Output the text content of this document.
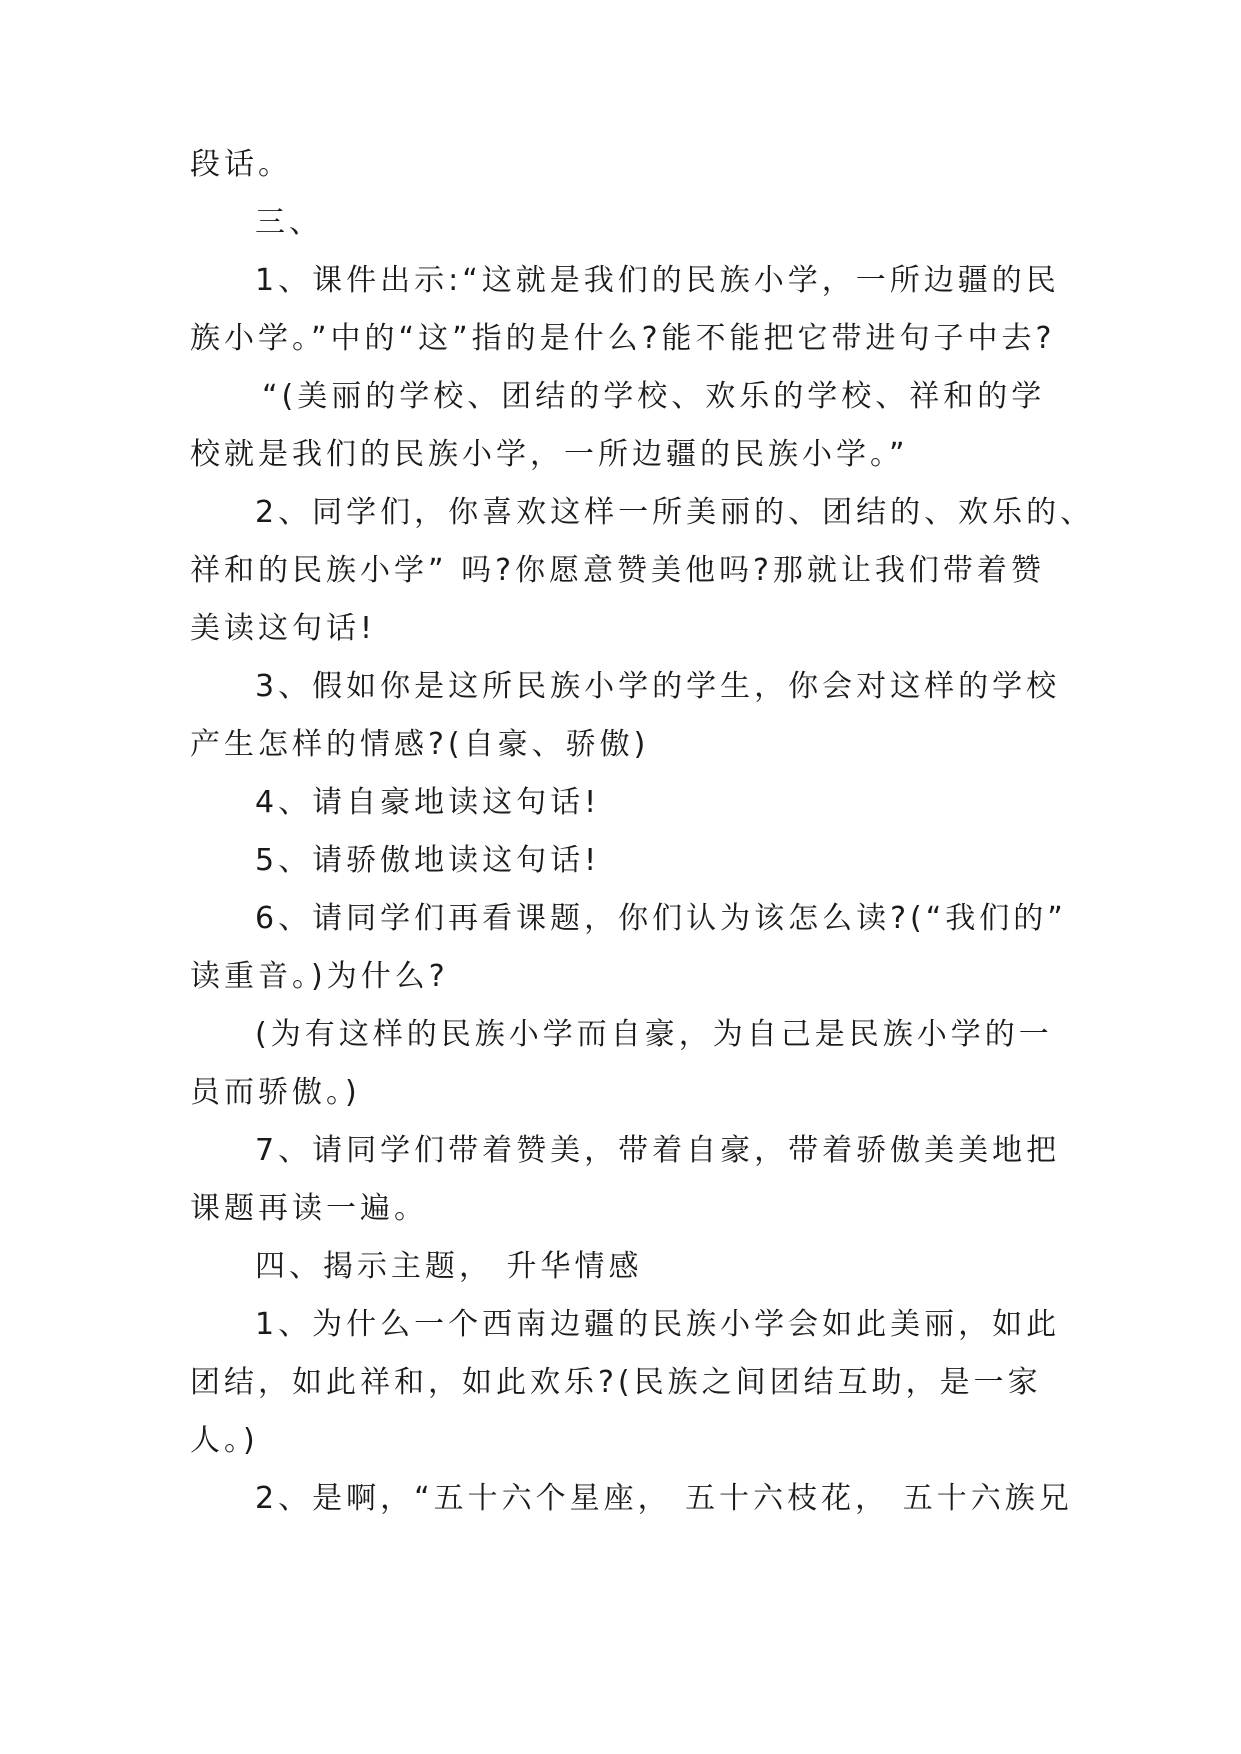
段话。
三、
1、课件出示:“这就是我们的民族小学，一所边疆的民
族小学。”中的“这”指的是什么?能不能把它带进句子中去?
“(美丽的学校、团结的学校、欢乐的学校、祥和的学
校就是我们的民族小学，一所边疆的民族小学。”
2、同学们，你喜欢这样一所美丽的、团结的、欢乐的、
祥和的民族小学” 吗?你愿意赞美他吗?那就让我们带着赞
美读这句话!
3、假如你是这所民族小学的学生，你会对这样的学校
产生怎样的情感?(自豪、骄傲)
4、请自豪地读这句话!
5、请骄傲地读这句话!
6、请同学们再看课题，你们认为该怎么读?(“我们的”
读重音。)为什么?
(为有这样的民族小学而自豪，为自己是民族小学的一
员而骄傲。)
7、请同学们带着赞美，带着自豪，带着骄傲美美地把
课题再读一遍。
四、揭示主题， 升华情感
1、为什么一个西南边疆的民族小学会如此美丽，如此
团结，如此祥和，如此欢乐?(民族之间团结互助，是一家
人。)
2、是啊，“五十六个星座， 五十六枝花， 五十六族兄
